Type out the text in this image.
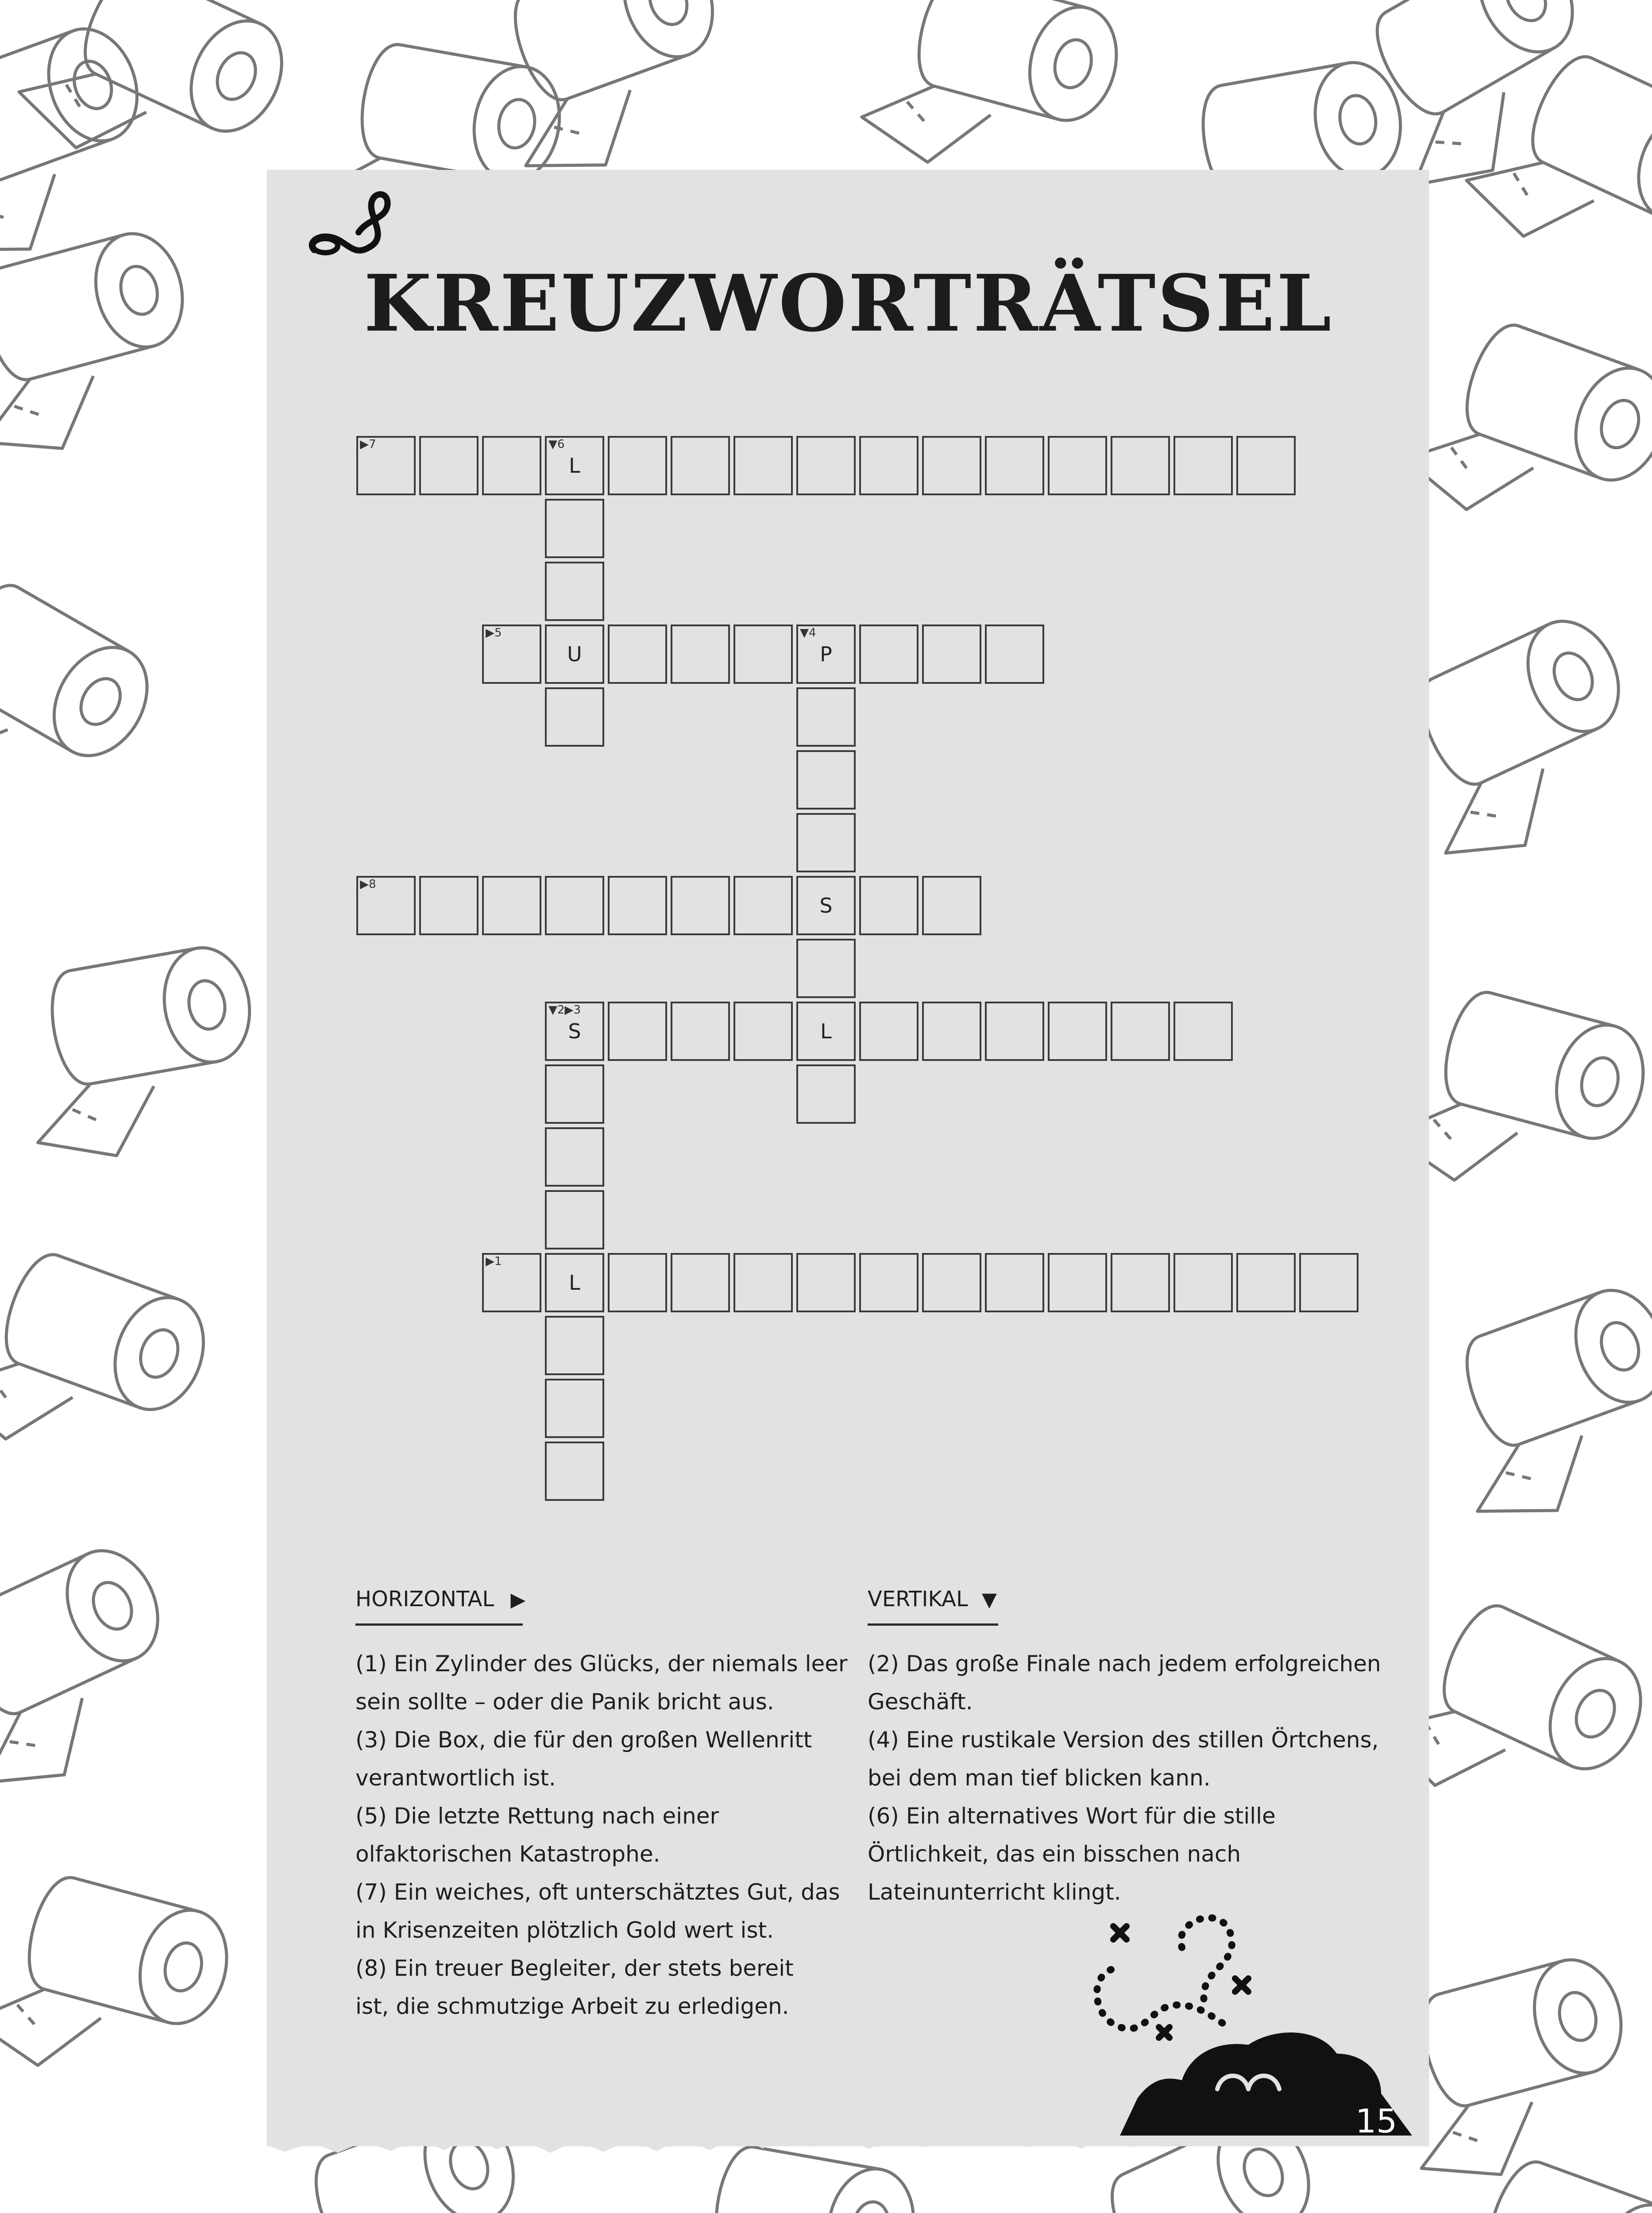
KREUZWORTRÄTSEL
▶7	▼6
L
▶5
U
▼4
P
▶8
S
▼2▶3
S	L
▶1
L
HORIZONTAL ▶
(1) Ein Zylinder des Glücks, der niemals leer
sein sollte – oder die Panik bricht aus.
(3) Die Box, die für den großen Wellenritt
verantwortlich ist.
(5) Die letzte Rettung nach einer
olfaktorischen Katastrophe.
(7) Ein weiches, oft unterschätztes Gut, das
in Krisenzeiten plötzlich Gold wert ist.
(8) Ein treuer Begleiter, der stets bereit
ist, die schmutzige Arbeit zu erledigen.
VERTIKAL ▼
(2) Das große Finale nach jedem erfolgreichen
Geschäft.
(4) Eine rustikale Version des stillen Örtchens,
bei dem man tief blicken kann.
(6) Ein alternatives Wort für die stille
Örtlichkeit, das ein bisschen nach
Lateinunterricht klingt.
15
